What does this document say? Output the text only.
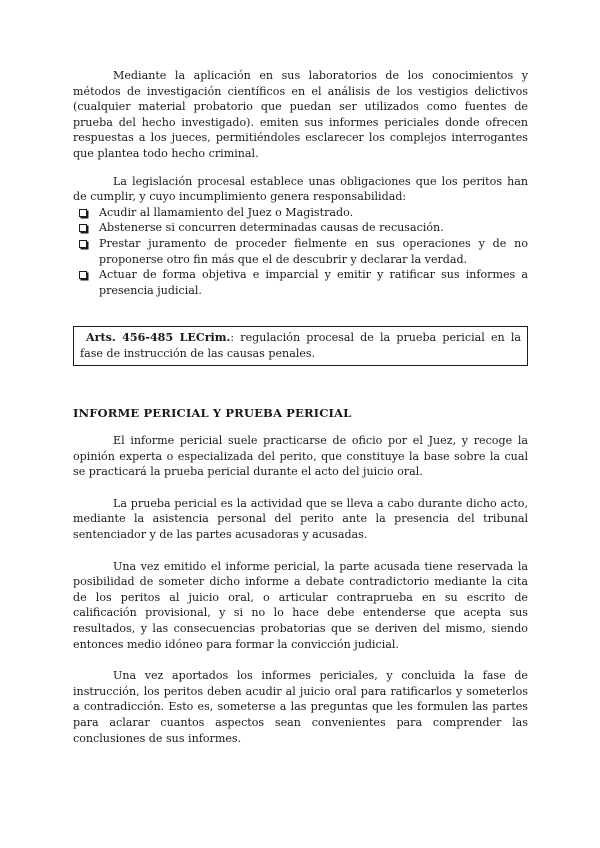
Mediante la aplicación en sus laboratorios de los conocimientos y métodos de investigación científicos en el análisis de los vestigios delictivos (cualquier material probatorio que puedan ser utilizados como fuentes de prueba del hecho investigado). emiten sus informes periciales donde ofrecen respuestas a los jueces, permitiéndoles esclarecer los complejos interrogantes que plantea todo hecho criminal.

La legislación procesal establece unas obligaciones que los peritos han de cumplir, y cuyo incumplimiento genera responsabilidad:

Acudir al llamamiento del Juez o Magistrado.
Abstenerse si concurren determinadas causas de recusación.
Prestar juramento de proceder fielmente en sus operaciones y de no proponerse otro fin más que el de descubrir y declarar la verdad.
Actuar de forma objetiva e imparcial y emitir y ratificar sus informes a presencia judicial.
Arts. 456-485 LECrim.: regulación procesal de la prueba pericial en la fase de instrucción de las causas penales.
INFORME PERICIAL Y PRUEBA PERICIAL

El informe pericial suele practicarse de oficio por el Juez, y recoge la opinión experta o especializada del perito, que constituye la base sobre la cual se practicará la prueba pericial durante el acto del juicio oral.

La prueba pericial es la actividad que se lleva a cabo durante dicho acto, mediante la asistencia personal del perito ante la presencia del tribunal sentenciador y de las partes acusadoras y acusadas.

Una vez emitido el informe pericial, la parte acusada tiene reservada la posibilidad de someter dicho informe a debate contradictorio mediante la cita de los peritos al juicio oral, o articular contraprueba en su escrito de calificación provisional, y si no lo hace debe entenderse que acepta sus resultados, y las consecuencias probatorias que se deriven del mismo, siendo entonces medio idóneo para formar la convicción judicial.

Una vez aportados los informes periciales, y concluida la fase de instrucción, los peritos deben acudir al juicio oral para ratificarlos y someterlos a contradicción. Esto es, someterse a las preguntas que les formulen las partes para aclarar cuantos aspectos sean convenientes para comprender las conclusiones de sus informes.
